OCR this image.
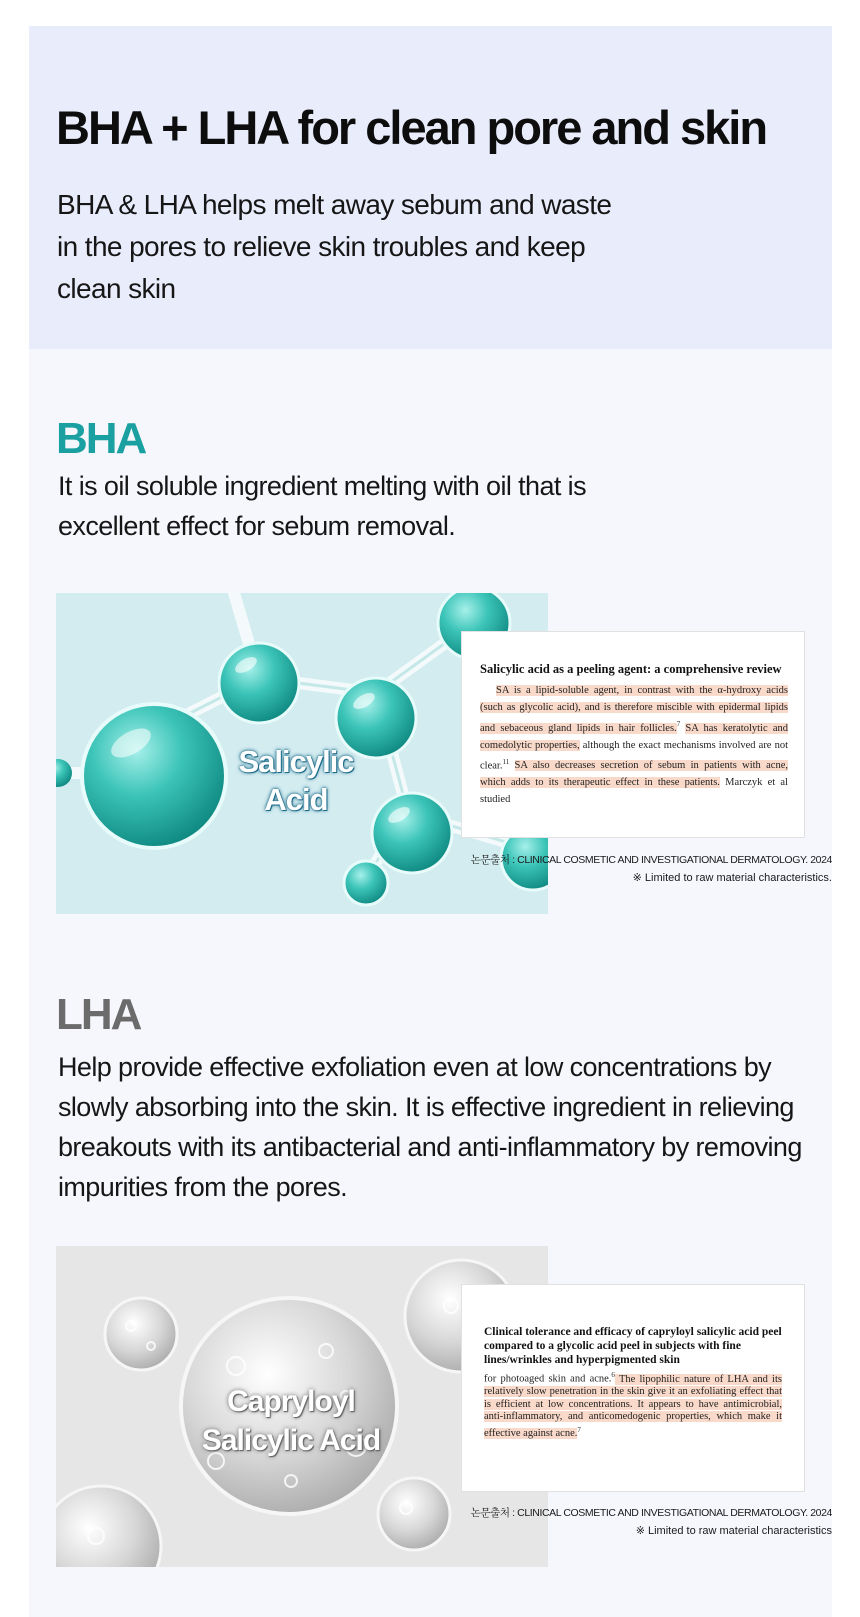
BHA + LHA for clean pore and skin

BHA & LHA helps melt away sebum and waste in the pores to relieve skin troubles and keep clean skin

BHA

It is oil soluble ingredient melting with oil that is excellent effect for sebum removal.

Salicylic
Acid
Salicylic acid as a peeling agent: a comprehensive review
SA is a lipid-soluble agent, in contrast with the α-hydroxy acids (such as glycolic acid), and is therefore miscible with epidermal lipids and sebaceous gland lipids in hair follicles.$^7$ SA has keratolytic and comedolytic properties, although the exact mechanisms involved are not clear.$^{11}$ SA also decreases secretion of sebum in patients with acne, which adds to its therapeutic effect in these patients. Marczyk et al studied
논문출처 : CLINICAL COSMETIC AND INVESTIGATIONAL DERMATOLOGY. 2024
※ Limited to raw material characteristics.
LHA

Help provide effective exfoliation even at low concentrations by slowly absorbing into the skin. It is effective ingredient in relieving breakouts with its antibacterial and anti-inflammatory by removing impurities from the pores.

Capryloyl
Salicylic Acid
Clinical tolerance and efficacy of capryloyl salicylic acid peel compared to a glycolic acid peel in subjects with fine lines/wrinkles and hyperpigmented skin
for photoaged skin and acne.$^6$ The lipophilic nature of LHA and its relatively slow penetration in the skin give it an exfoliating effect that is efficient at low concentrations. It appears to have antimicrobial, anti-inflammatory, and anticomedogenic properties, which make it effective against acne.$^7$
논문출처 : CLINICAL COSMETIC AND INVESTIGATIONAL DERMATOLOGY. 2024
※ Limited to raw material characteristics
